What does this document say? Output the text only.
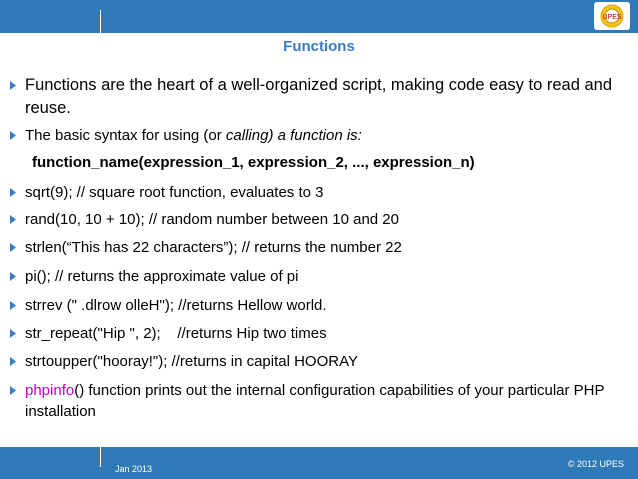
UPES
Functions
Functions are the heart of a well-organized script, making code easy to read and reuse.
The basic syntax for using (or calling) a function is:
function_name(expression_1, expression_2, ..., expression_n)
sqrt(9); // square root function, evaluates to 3
rand(10, 10 + 10); // random number between 10 and 20
strlen(“This has 22 characters”); // returns the number 22
pi(); // returns the approximate value of pi
strrev (" .dlrow olleH"); //returns Hellow world.
str_repeat("Hip ", 2);    //returns Hip two times
strtoupper("hooray!"); //returns in capital HOORAY
phpinfo() function prints out the internal configuration capabilities of your particular PHP installation
Jan 2013	© 2012 UPES
